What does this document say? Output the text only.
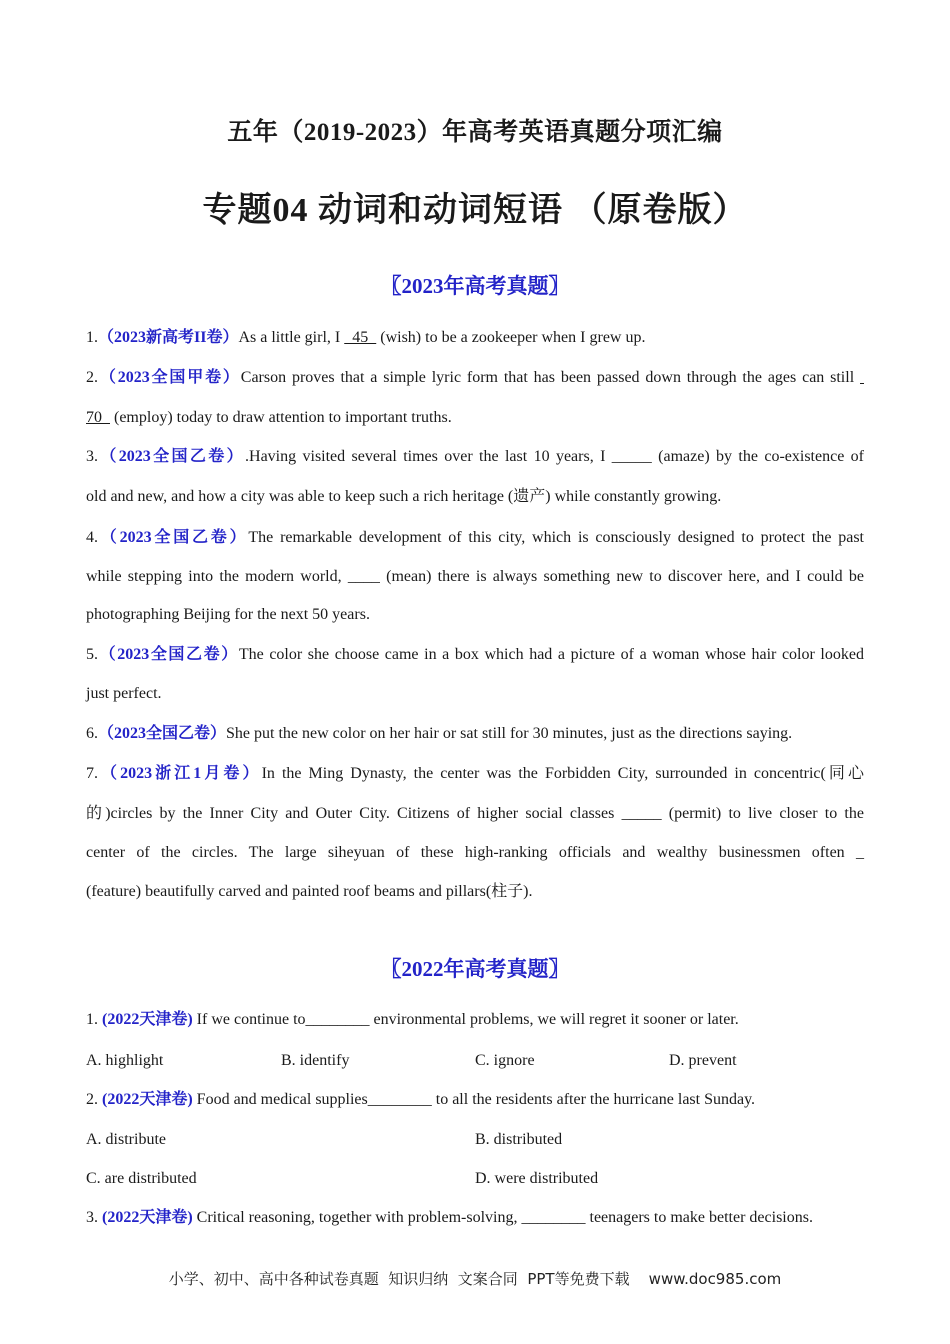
五年（2019-2023）年高考英语真题分项汇编
专题04 动词和动词短语 （原卷版）
〖2023年高考真题〗
1.（2023新高考II卷）As a little girl, I   45   (wish) to be a zookeeper when I grew up.
2.（2023全国甲卷）Carson proves that a simple lyric form that has been passed down through the ages can still
70   (employ) today to draw attention to important truths.
3.（2023全国乙卷）.Having visited several times over the last 10 years, I _____ (amaze) by the co-existence of
old and new, and how a city was able to keep such a rich heritage (遗产) while constantly growing.
4.（2023全国乙卷）The remarkable development of this city, which is consciously designed to protect the past
while stepping into the modern world, ____ (mean) there is always something new to discover here, and I could be
photographing Beijing for the next 50 years.
5.（2023全国乙卷）The color she choose came in a box which had a picture of a woman whose hair color looked
just perfect.
6.（2023全国乙卷）She put the new color on her hair or sat still for 30 minutes, just as the directions saying.
7.（2023浙江1月卷）In the Ming Dynasty, the center was the Forbidden City, surrounded in concentric(同心
的)circles by the Inner City and Outer City. Citizens of higher social classes _____ (permit) to live closer to the
center of the circles. The large siheyuan of these high-ranking officials and wealthy businessmen often _
(feature) beautifully carved and painted roof beams and pillars(柱子).
〖2022年高考真题〗
1. (2022天津卷) If we continue to________ environmental problems, we will regret it sooner or later.
A. highlight	B. identify	C. ignore	D. prevent
2. (2022天津卷) Food and medical supplies________ to all the residents after the hurricane last Sunday.
A. distribute	B. distributed
C. are distributed	D. were distributed
3. (2022天津卷) Critical reasoning, together with problem-solving, ________ teenagers to make better decisions.
小学、初中、高中各种试卷真题  知识归纳  文案合同  PPT等免费下载    www.doc985.com
